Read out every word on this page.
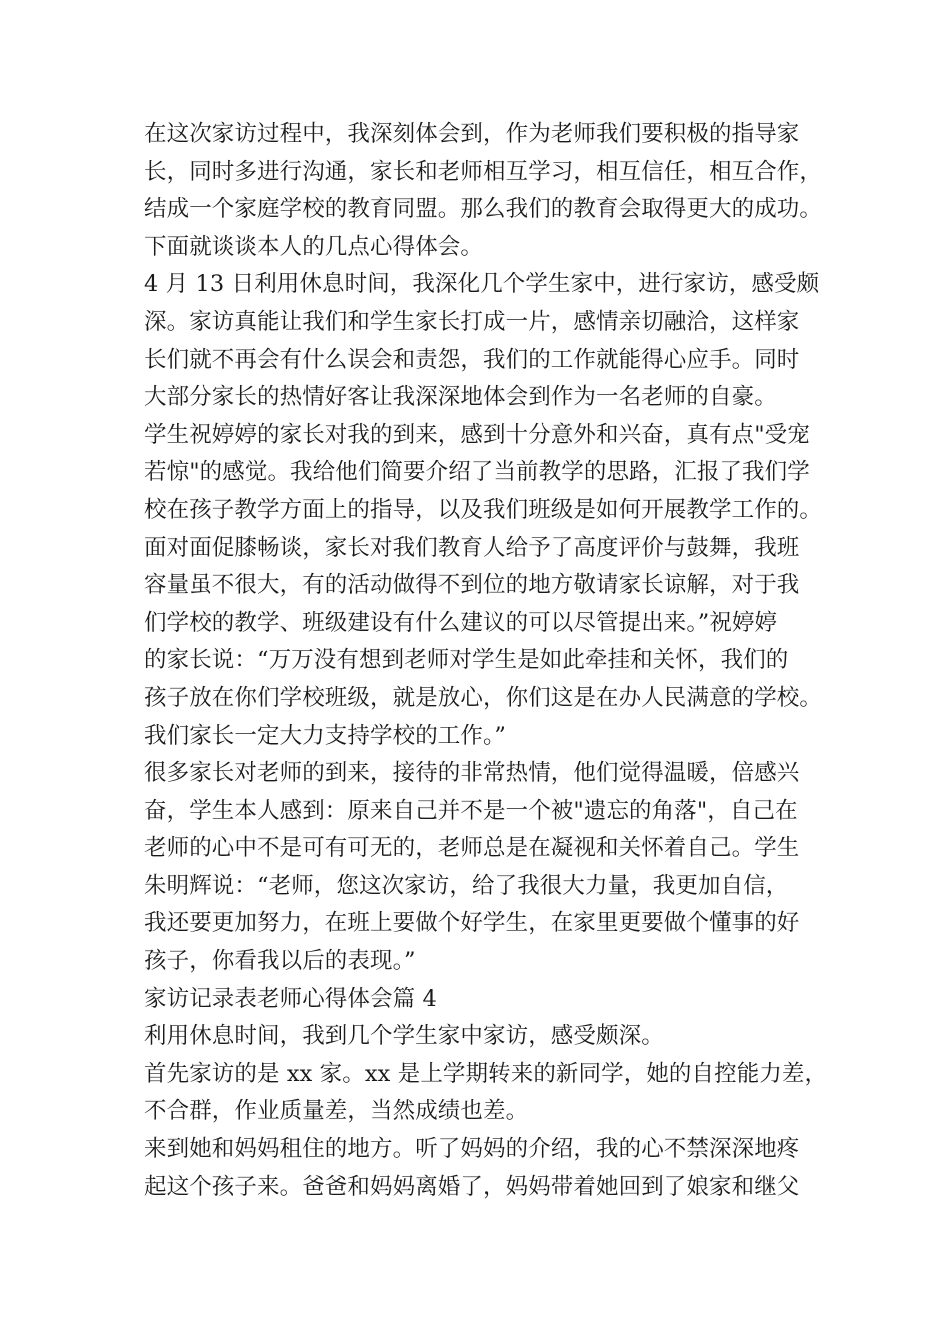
在这次家访过程中，我深刻体会到，作为老师我们要积极的指导家
长，同时多进行沟通，家长和老师相互学习，相互信任，相互合作，
结成一个家庭学校的教育同盟。那么我们的教育会取得更大的成功。
下面就谈谈本人的几点心得体会。
4 月 13 日利用休息时间，我深化几个学生家中，进行家访，感受颇
深。家访真能让我们和学生家长打成一片，感情亲切融洽，这样家
长们就不再会有什么误会和责怨，我们的工作就能得心应手。同时
大部分家长的热情好客让我深深地体会到作为一名老师的自豪。
学生祝婷婷的家长对我的到来，感到十分意外和兴奋，真有点"受宠
若惊"的感觉。我给他们简要介绍了当前教学的思路，汇报了我们学
校在孩子教学方面上的指导，以及我们班级是如何开展教学工作的。
面对面促膝畅谈，家长对我们教育人给予了高度评价与鼓舞，我班
容量虽不很大，有的活动做得不到位的地方敬请家长谅解，对于我
们学校的教学、班级建设有什么建议的可以尽管提出来。”祝婷婷
的家长说：“万万没有想到老师对学生是如此牵挂和关怀，我们的
孩子放在你们学校班级，就是放心，你们这是在办人民满意的学校。
我们家长一定大力支持学校的工作。”
很多家长对老师的到来，接待的非常热情，他们觉得温暖，倍感兴
奋，学生本人感到：原来自己并不是一个被"遗忘的角落"，自己在
老师的心中不是可有可无的，老师总是在凝视和关怀着自己。学生
朱明辉说：“老师，您这次家访，给了我很大力量，我更加自信，
我还要更加努力，在班上要做个好学生，在家里更要做个懂事的好
孩子，你看我以后的表现。”
家访记录表老师心得体会篇 4
利用休息时间，我到几个学生家中家访，感受颇深。
首先家访的是 xx 家。xx 是上学期转来的新同学，她的自控能力差，
不合群，作业质量差，当然成绩也差。
来到她和妈妈租住的地方。听了妈妈的介绍，我的心不禁深深地疼
起这个孩子来。爸爸和妈妈离婚了，妈妈带着她回到了娘家和继父
